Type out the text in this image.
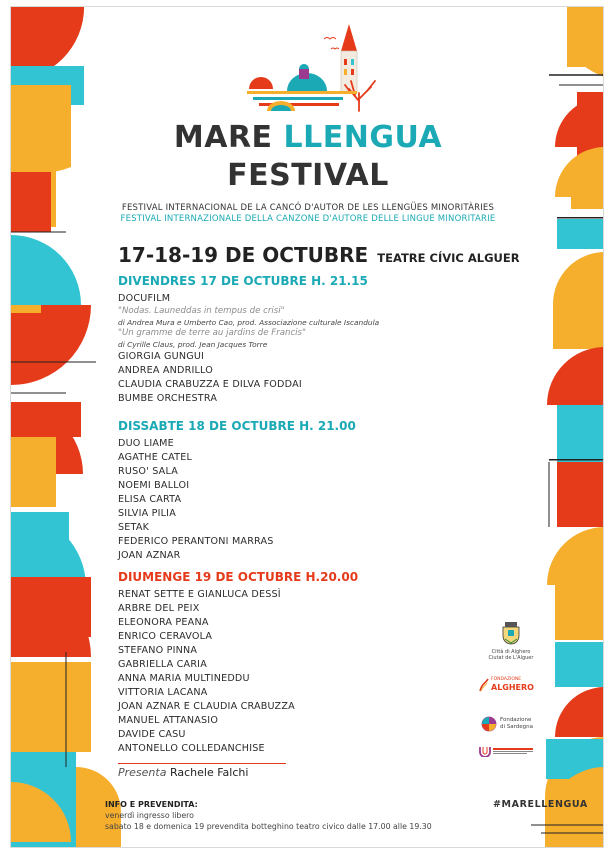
MARE LLENGUA
FESTIVAL
FESTIVAL INTERNACIONAL DE LA CANCÓ D'AUTOR DE LES LLENGÜES MINORITÀRIES
FESTIVAL INTERNAZIONALE DELLA CANZONE D'AUTORE DELLE LINGUE MINORITARIE
17-18-19 DE OCTUBRE TEATRE CÍVIC ALGUER
DIVENDRES 17 DE OCTUBRE H. 21.15
DOCUFILM
"Nodas. Launeddas in tempus de crisi"
di Andrea Mura e Umberto Cao, prod. Associazione culturale Iscandula
"Un gramme de terre au jardins de Francis"
di Cyrille Claus, prod. Jean Jacques Torre
GIORGIA GUNGUI
ANDREA ANDRILLO
CLAUDIA CRABUZZA E DILVA FODDAI
BUMBE ORCHESTRA
DISSABTE 18 DE OCTUBRE H. 21.00
DUO LIAME
AGATHE CATEL
RUSO' SALA
NOEMI BALLOI
ELISA CARTA
SILVIA PILIA
SETAK
FEDERICO PERANTONI MARRAS
JOAN AZNAR
DIUMENGE 19 DE OCTUBRE H.20.00
RENAT SETTE E GIANLUCA DESSÌ
ARBRE DEL PEIX
ELEONORA PEANA
ENRICO CERAVOLA
STEFANO PINNA
GABRIELLA CARIA
ANNA MARIA MULTINEDDU
VITTORIA LACANA
JOAN AZNAR E CLAUDIA CRABUZZA
MANUEL ATTANASIO
DAVIDE CASU
ANTONELLO COLLEDANCHISE
Presenta Rachele Falchi
INFO E PREVENDITA:
venerdì ingresso libero
sabato 18 e domenica 19 prevendita botteghino teatro civico dalle 17.00 alle 19.30
#MARELLENGUA
Città di Alghero
Ciutat de L'Alguer
FONDAZIONE
ALGHERO
Fondazione
di Sardegna
